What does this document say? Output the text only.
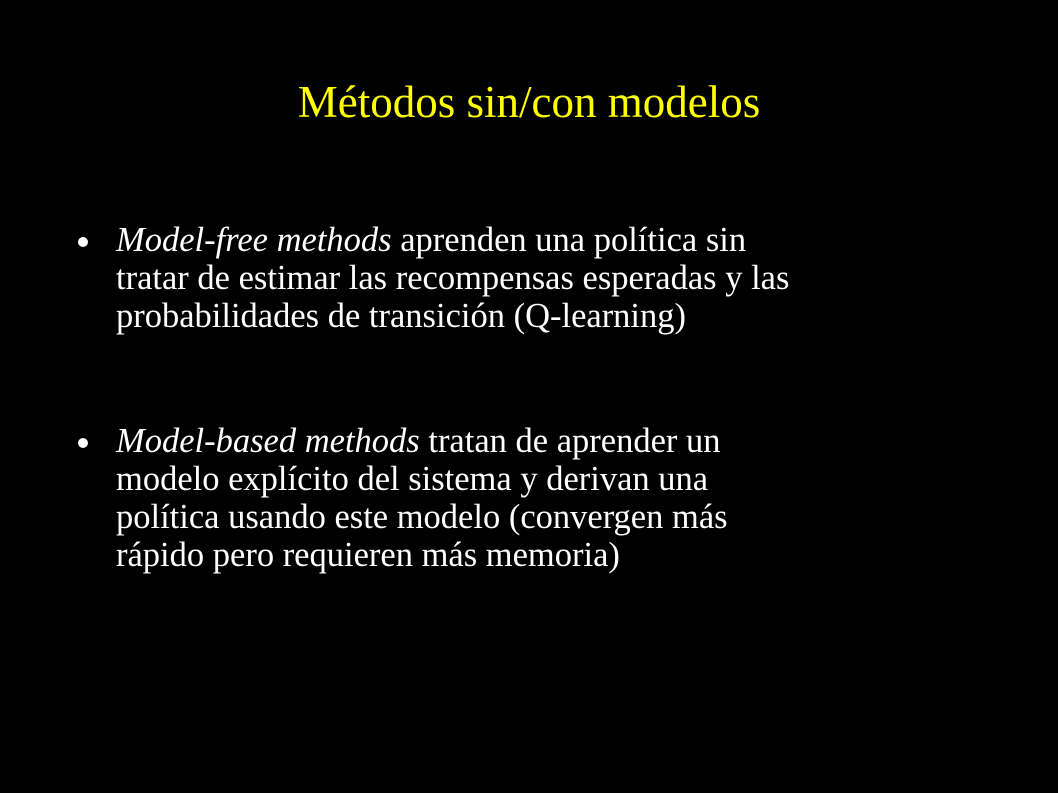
Métodos sin/con modelos
Model-free methods aprenden una política sin
tratar de estimar las recompensas esperadas y las
probabilidades de transición (Q-learning)
Model-based methods tratan de aprender un
modelo explícito del sistema y derivan una
política usando este modelo (convergen más
rápido pero requieren más memoria)
